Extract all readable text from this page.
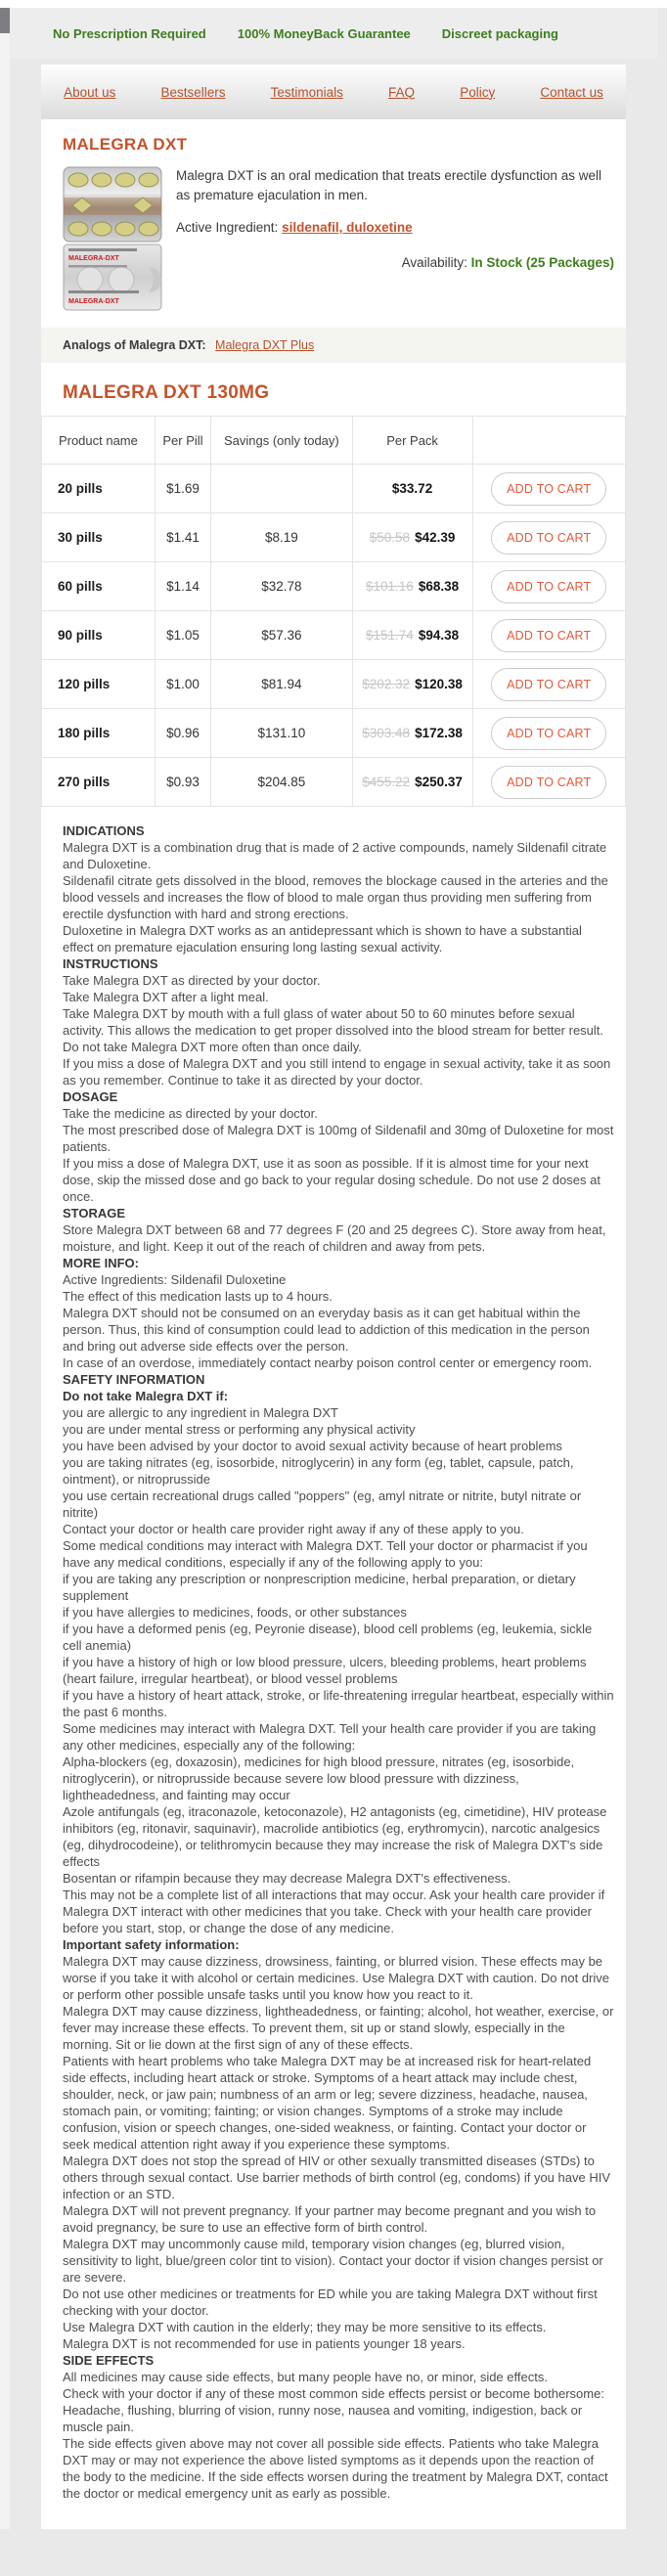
No Prescription Required 100% MoneyBack Guarantee Discreet packaging
About us	Bestsellers	Testimonials	FAQ	Policy	Contact us
MALEGRA DXT
MALEGRA-DXT
MALEGRA-DXT
Malegra DXT is an oral medication that treats erectile dysfunction as well as premature ejaculation in men.
Active Ingredient: sildenafil, duloxetine
Availability: In Stock (25 Packages)
Analogs of Malegra DXT: Malegra DXT Plus
MALEGRA DXT 130MG
Product name	Per Pill	Savings (only today)	Per Pack	
20 pills	$1.69		$33.72	ADD TO CART
30 pills	$1.41	$8.19	$50.58 $42.39	ADD TO CART
60 pills	$1.14	$32.78	$101.16 $68.38	ADD TO CART
90 pills	$1.05	$57.36	$151.74 $94.38	ADD TO CART
120 pills	$1.00	$81.94	$202.32 $120.38	ADD TO CART
180 pills	$0.96	$131.10	$303.48 $172.38	ADD TO CART
270 pills	$0.93	$204.85	$455.22 $250.37	ADD TO CART
INDICATIONS
Malegra DXT is a combination drug that is made of 2 active compounds, namely Sildenafil citrate and Duloxetine.
Sildenafil citrate gets dissolved in the blood, removes the blockage caused in the arteries and the blood vessels and increases the flow of blood to male organ thus providing men suffering from erectile dysfunction with hard and strong erections.
Duloxetine in Malegra DXT works as an antidepressant which is shown to have a substantial effect on premature ejaculation ensuring long lasting sexual activity.
INSTRUCTIONS
Take Malegra DXT as directed by your doctor.
Take Malegra DXT after a light meal.
Take Malegra DXT by mouth with a full glass of water about 50 to 60 minutes before sexual activity. This allows the medication to get proper dissolved into the blood stream for better result.
Do not take Malegra DXT more often than once daily.
If you miss a dose of Malegra DXT and you still intend to engage in sexual activity, take it as soon as you remember. Continue to take it as directed by your doctor.
DOSAGE
Take the medicine as directed by your doctor.
The most prescribed dose of Malegra DXT is 100mg of Sildenafil and 30mg of Duloxetine for most patients.
If you miss a dose of Malegra DXT, use it as soon as possible. If it is almost time for your next dose, skip the missed dose and go back to your regular dosing schedule. Do not use 2 doses at once.
STORAGE
Store Malegra DXT between 68 and 77 degrees F (20 and 25 degrees C). Store away from heat, moisture, and light. Keep it out of the reach of children and away from pets.
MORE INFO:
Active Ingredients: Sildenafil Duloxetine
The effect of this medication lasts up to 4 hours.
Malegra DXT should not be consumed on an everyday basis as it can get habitual within the person. Thus, this kind of consumption could lead to addiction of this medication in the person and bring out adverse side effects over the person.
In case of an overdose, immediately contact nearby poison control center or emergency room.
SAFETY INFORMATION
Do not take Malegra DXT if:
you are allergic to any ingredient in Malegra DXT
you are under mental stress or performing any physical activity
you have been advised by your doctor to avoid sexual activity because of heart problems
you are taking nitrates (eg, isosorbide, nitroglycerin) in any form (eg, tablet, capsule, patch, ointment), or nitroprusside
you use certain recreational drugs called "poppers" (eg, amyl nitrate or nitrite, butyl nitrate or nitrite)
Contact your doctor or health care provider right away if any of these apply to you.
Some medical conditions may interact with Malegra DXT. Tell your doctor or pharmacist if you have any medical conditions, especially if any of the following apply to you:
if you are taking any prescription or nonprescription medicine, herbal preparation, or dietary supplement
if you have allergies to medicines, foods, or other substances
if you have a deformed penis (eg, Peyronie disease), blood cell problems (eg, leukemia, sickle cell anemia)
if you have a history of high or low blood pressure, ulcers, bleeding problems, heart problems (heart failure, irregular heartbeat), or blood vessel problems
if you have a history of heart attack, stroke, or life-threatening irregular heartbeat, especially within the past 6 months.
Some medicines may interact with Malegra DXT. Tell your health care provider if you are taking any other medicines, especially any of the following:
Alpha-blockers (eg, doxazosin), medicines for high blood pressure, nitrates (eg, isosorbide, nitroglycerin), or nitroprusside because severe low blood pressure with dizziness, lightheadedness, and fainting may occur
Azole antifungals (eg, itraconazole, ketoconazole), H2 antagonists (eg, cimetidine), HIV protease inhibitors (eg, ritonavir, saquinavir), macrolide antibiotics (eg, erythromycin), narcotic analgesics (eg, dihydrocodeine), or telithromycin because they may increase the risk of Malegra DXT's side effects
Bosentan or rifampin because they may decrease Malegra DXT's effectiveness.
This may not be a complete list of all interactions that may occur. Ask your health care provider if Malegra DXT interact with other medicines that you take. Check with your health care provider before you start, stop, or change the dose of any medicine.
Important safety information:
Malegra DXT may cause dizziness, drowsiness, fainting, or blurred vision. These effects may be worse if you take it with alcohol or certain medicines. Use Malegra DXT with caution. Do not drive or perform other possible unsafe tasks until you know how you react to it.
Malegra DXT may cause dizziness, lightheadedness, or fainting; alcohol, hot weather, exercise, or fever may increase these effects. To prevent them, sit up or stand slowly, especially in the morning. Sit or lie down at the first sign of any of these effects.
Patients with heart problems who take Malegra DXT may be at increased risk for heart-related side effects, including heart attack or stroke. Symptoms of a heart attack may include chest, shoulder, neck, or jaw pain; numbness of an arm or leg; severe dizziness, headache, nausea, stomach pain, or vomiting; fainting; or vision changes. Symptoms of a stroke may include confusion, vision or speech changes, one-sided weakness, or fainting. Contact your doctor or seek medical attention right away if you experience these symptoms.
Malegra DXT does not stop the spread of HIV or other sexually transmitted diseases (STDs) to others through sexual contact. Use barrier methods of birth control (eg, condoms) if you have HIV infection or an STD.
Malegra DXT will not prevent pregnancy. If your partner may become pregnant and you wish to avoid pregnancy, be sure to use an effective form of birth control.
Malegra DXT may uncommonly cause mild, temporary vision changes (eg, blurred vision, sensitivity to light, blue/green color tint to vision). Contact your doctor if vision changes persist or are severe.
Do not use other medicines or treatments for ED while you are taking Malegra DXT without first checking with your doctor.
Use Malegra DXT with caution in the elderly; they may be more sensitive to its effects.
Malegra DXT is not recommended for use in patients younger 18 years.
SIDE EFFECTS
All medicines may cause side effects, but many people have no, or minor, side effects.
Check with your doctor if any of these most common side effects persist or become bothersome:
Headache, flushing, blurring of vision, runny nose, nausea and vomiting, indigestion, back or muscle pain.
The side effects given above may not cover all possible side effects. Patients who take Malegra DXT may or may not experience the above listed symptoms as it depends upon the reaction of the body to the medicine. If the side effects worsen during the treatment by Malegra DXT, contact the doctor or medical emergency unit as early as possible.
